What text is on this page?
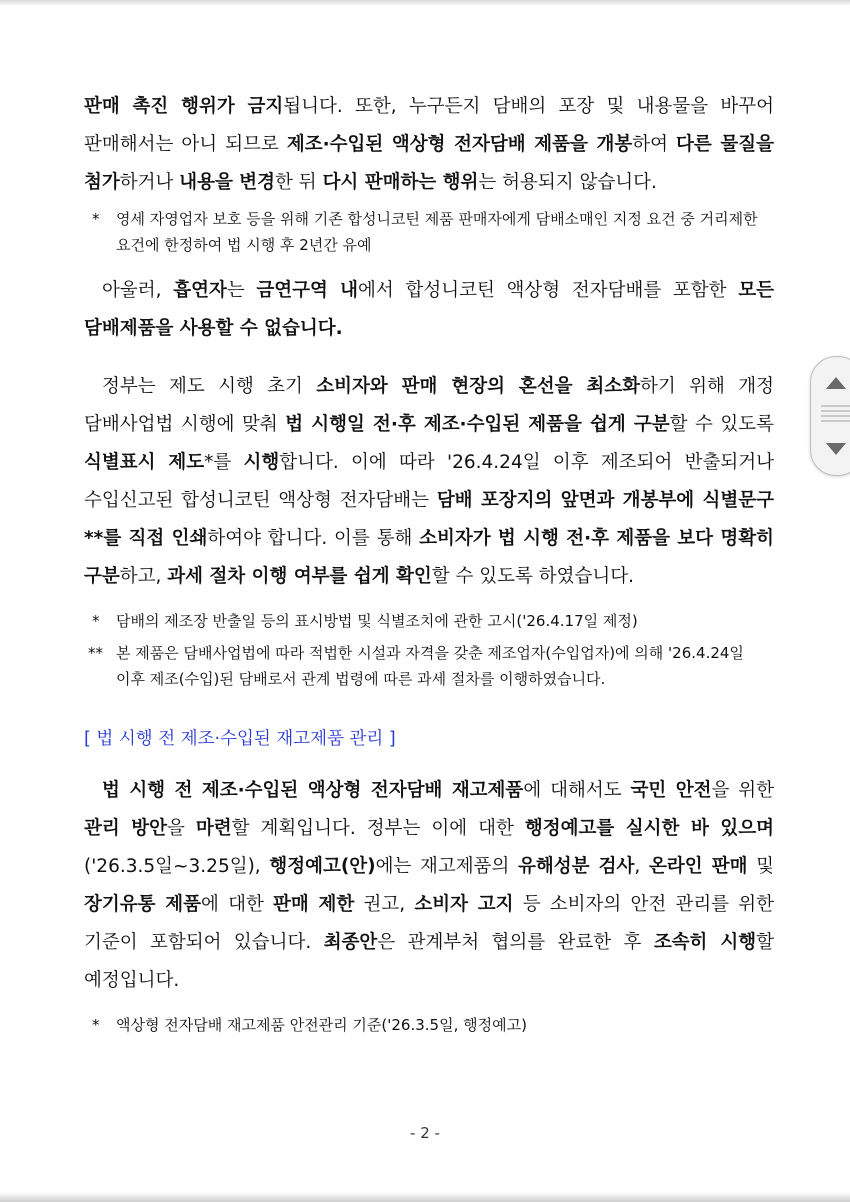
판매 촉진 행위가 금지됩니다. 또한, 누구든지 담배의 포장 및 내용물을 바꾸어 판매해서는 아니 되므로 제조·수입된 액상형 전자담배 제품을 개봉하여 다른 물질을 첨가하거나 내용을 변경한 뒤 다시 판매하는 행위는 허용되지 않습니다.

*	영세 자영업자 보호 등을 위해 기존 합성니코틴 제품 판매자에게 담배소매인 지정 요건 중 거리제한 요건에 한정하여 법 시행 후 2년간 유예

아울러, 흡연자는 금연구역 내에서 합성니코틴 액상형 전자담배를 포함한 모든 담배제품을 사용할 수 없습니다.

정부는 제도 시행 초기 소비자와 판매 현장의 혼선을 최소화하기 위해 개정 담배사업법 시행에 맞춰 법 시행일 전·후 제조·수입된 제품을 쉽게 구분할 수 있도록 식별표시 제도*를 시행합니다. 이에 따라 '26.4.24일 이후 제조되어 반출되거나 수입신고된 합성니코틴 액상형 전자담배는 담배 포장지의 앞면과 개봉부에 식별문구**를 직접 인쇄하여야 합니다. 이를 통해 소비자가 법 시행 전·후 제품을 보다 명확히 구분하고, 과세 절차 이행 여부를 쉽게 확인할 수 있도록 하였습니다.

*	담배의 제조장 반출일 등의 표시방법 및 식별조치에 관한 고시('26.4.17일 제정)
** 본 제품은 담배사업법에 따라 적법한 시설과 자격을 갖춘 제조업자(수입업자)에 의해 '26.4.24일 이후 제조(수입)된 담배로서 관계 법령에 따른 과세 절차를 이행하였습니다.

[ 법 시행 전 제조·수입된 재고제품 관리 ]

법 시행 전 제조·수입된 액상형 전자담배 재고제품에 대해서도 국민 안전을 위한 관리 방안을 마련할 계획입니다. 정부는 이에 대한 행정예고를 실시한 바 있으며('26.3.5일~3.25일), 행정예고(안)에는 재고제품의 유해성분 검사, 온라인 판매 및 장기유통 제품에 대한 판매 제한 권고, 소비자 고지 등 소비자의 안전 관리를 위한 기준이 포함되어 있습니다. 최종안은 관계부처 협의를 완료한 후 조속히 시행할 예정입니다.

*	액상형 전자담배 재고제품 안전관리 기준('26.3.5일, 행정예고)
- 2 -
